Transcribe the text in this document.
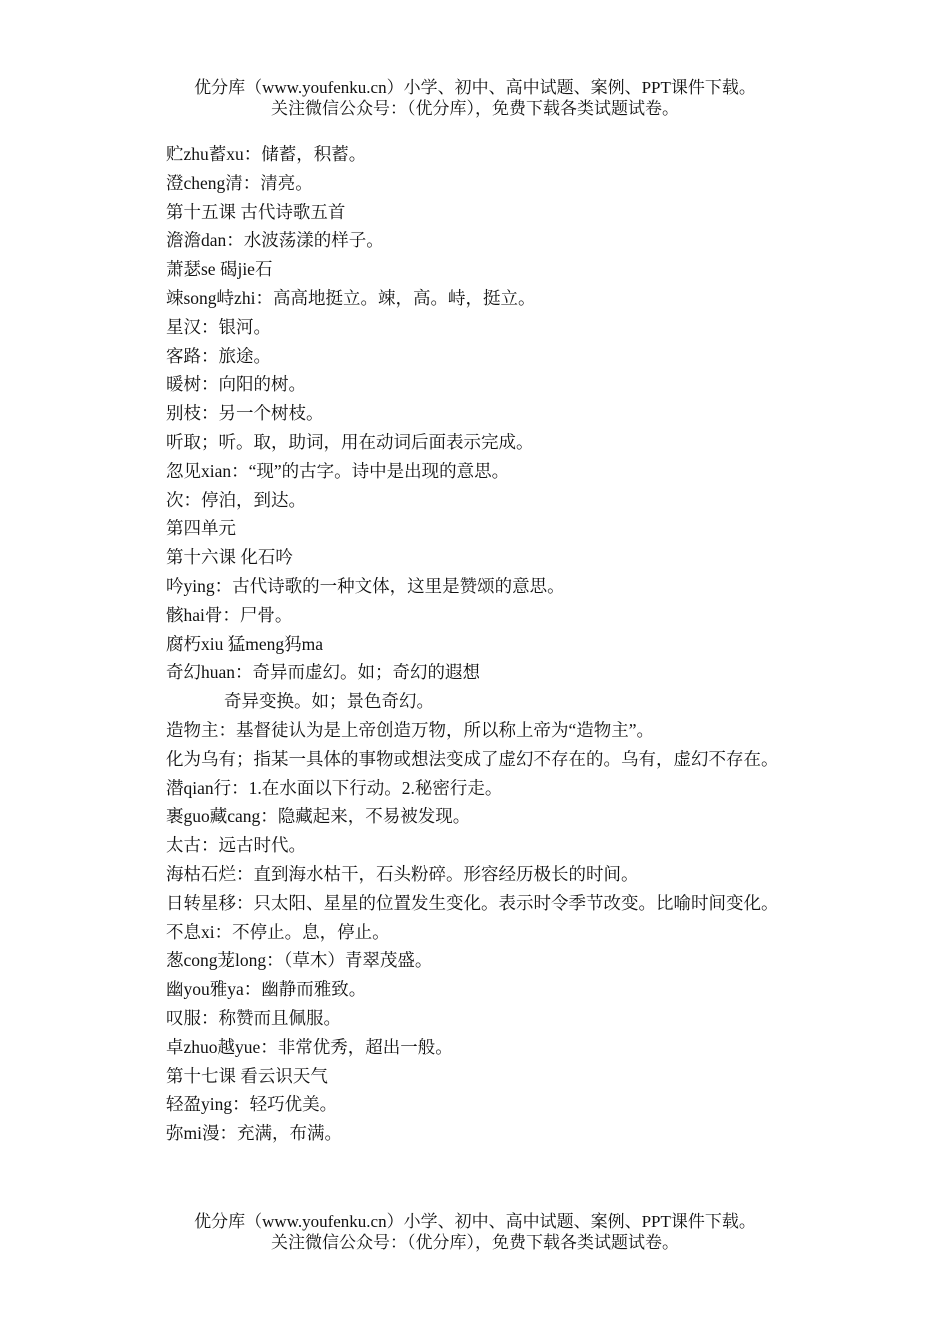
优分库（www.youfenku.cn）小学、初中、高中试题、案例、PPT课件下载。
关注微信公众号：（优分库），免费下载各类试题试卷。

贮zhu蓄xu：储蓄，积蓄。

澄cheng清：清亮。

第十五课 古代诗歌五首

澹澹dan：水波荡漾的样子。

萧瑟se 碣jie石

竦song峙zhi：高高地挺立。竦，高。峙，挺立。

星汉：银河。

客路：旅途。

暖树：向阳的树。

别枝：另一个树枝。

听取；听。取，助词，用在动词后面表示完成。

忽见xian：“现”的古字。诗中是出现的意思。

次：停泊，到达。

第四单元

第十六课 化石吟

吟ying：古代诗歌的一种文体，这里是赞颂的意思。

骸hai骨：尸骨。

腐朽xiu 猛meng犸ma

奇幻huan：奇异而虚幻。如；奇幻的遐想

奇异变换。如；景色奇幻。

造物主：基督徒认为是上帝创造万物，所以称上帝为“造物主”。

化为乌有；指某一具体的事物或想法变成了虚幻不存在的。乌有，虚幻不存在。

潜qian行：1.在水面以下行动。2.秘密行走。

裹guo藏cang：隐藏起来，不易被发现。

太古：远古时代。

海枯石烂：直到海水枯干，石头粉碎。形容经历极长的时间。

日转星移：只太阳、星星的位置发生变化。表示时令季节改变。比喻时间变化。

不息xi：不停止。息，停止。

葱cong茏long：（草木）青翠茂盛。

幽you雅ya：幽静而雅致。

叹服：称赞而且佩服。

卓zhuo越yue：非常优秀，超出一般。

第十七课 看云识天气

轻盈ying：轻巧优美。

弥mi漫：充满，布满。

优分库（www.youfenku.cn）小学、初中、高中试题、案例、PPT课件下载。
关注微信公众号：（优分库），免费下载各类试题试卷。
